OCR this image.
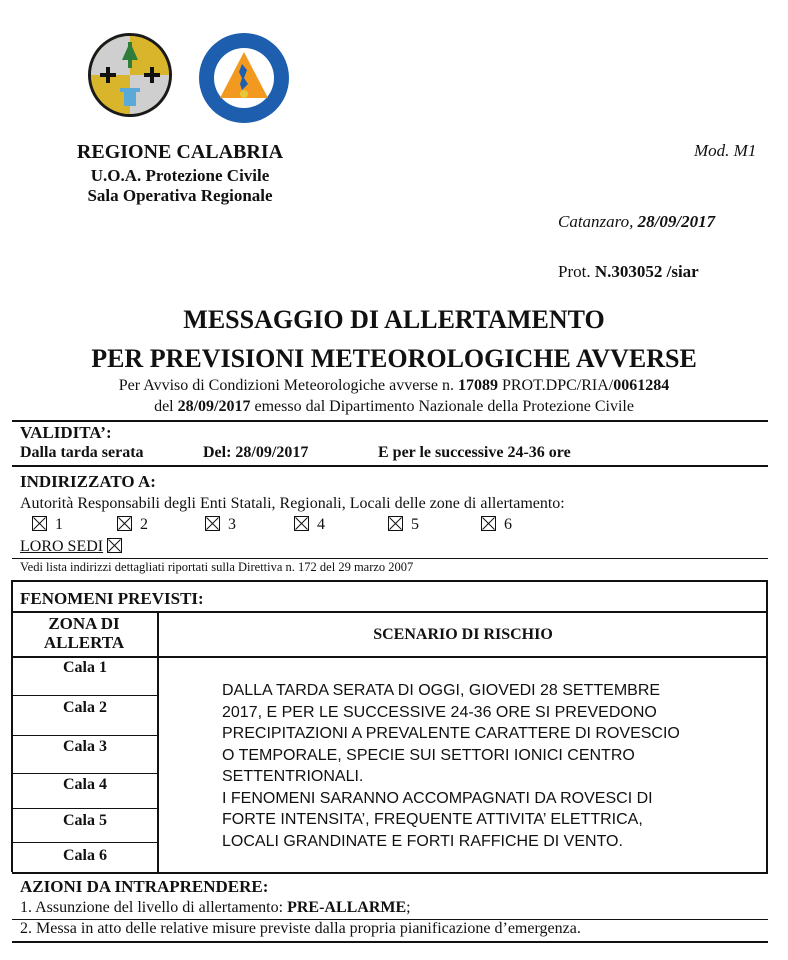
REGIONE CALABRIA
U.O.A. Protezione Civile
Sala Operativa Regionale
Mod. M1
Catanzaro, 28/09/2017
Prot. N.303052 /siar
MESSAGGIO DI ALLERTAMENTO
PER PREVISIONI METEOROLOGICHE AVVERSE
Per Avviso di Condizioni Meteorologiche avverse n. 17089 PROT.DPC/RIA/0061284
del 28/09/2017 emesso dal Dipartimento Nazionale della Protezione Civile
VALIDITA’:
Dalla tarda serata	Del: 28/09/2017	E per le successive 24-36 ore
INDIRIZZATO A:
Autorità Responsabili degli Enti Statali, Regionali, Locali delle zone di allertamento:
1	2	3	4	5	6
LORO SEDI
Vedi lista indirizzi dettagliati riportati sulla Direttiva n. 172 del 29 marzo 2007
FENOMENI PREVISTI:
ZONA DI ALLERTA	SCENARIO DI RISCHIO
Cala 1
Cala 2
Cala 3
Cala 4
Cala 5
Cala 6
DALLA TARDA SERATA DI OGGI, GIOVEDI 28 SETTEMBRE
2017, E PER LE SUCCESSIVE 24-36 ORE SI PREVEDONO
PRECIPITAZIONI A PREVALENTE CARATTERE DI ROVESCIO
O TEMPORALE, SPECIE SUI SETTORI IONICI CENTRO
SETTENTRIONALI.
I FENOMENI SARANNO ACCOMPAGNATI DA ROVESCI DI
FORTE INTENSITA’, FREQUENTE ATTIVITA’ ELETTRICA,
LOCALI GRANDINATE E FORTI RAFFICHE DI VENTO.
AZIONI DA INTRAPRENDERE:
1. Assunzione del livello di allertamento: PRE-ALLARME;
2. Messa in atto delle relative misure previste dalla propria pianificazione d’emergenza.
